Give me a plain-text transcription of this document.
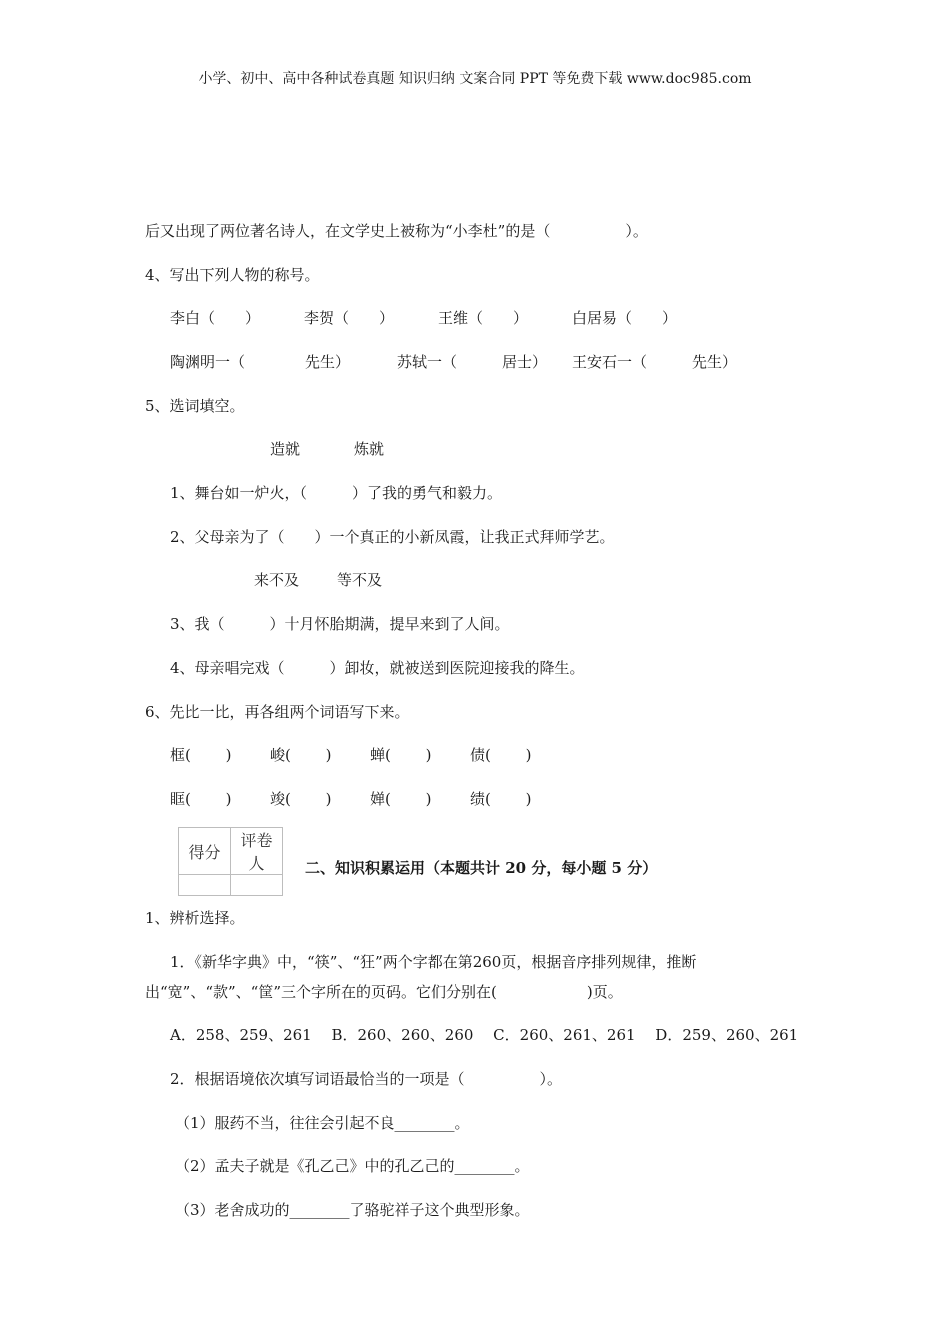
小学、初中、高中各种试卷真题 知识归纳 文案合同 PPT 等免费下载 www.doc985.com
后又出现了两位著名诗人，在文学史上被称为“小李杜”的是（　　　　　）。
4、写出下列人物的称号。
李白（　　）	李贺（　　）	王维（　　）	白居易（　　）
陶渊明一（　　　　先生）	苏轼一（　　　居士） 王安石一（　　　先生）
5、选词填空。
造就	炼就
1、舞台如一炉火，（　　　）了我的勇气和毅力。
2、父母亲为了（　　）一个真正的小新凤霞，让我正式拜师学艺。
来不及	等不及
3、我（　　　）十月怀胎期满，提早来到了人间。
4、母亲唱完戏（　　　）卸妆，就被送到医院迎接我的降生。
6、先比一比，再各组两个词语写下来。
框(　　 )	峻(　　 )	蝉(　　 )	债(　　 )
眶(　　 )	竣(　　 )	婵(　　 )	绩(　　 )
得分	评卷人
		二、知识积累运用（本题共计 20 分，每小题 5 分）
1、辨析选择。
1．《新华字典》中，“筷”、“狂”两个字都在第260页，根据音序排列规律，推断
出“宽”、“款”、“筐”三个字所在的页码。它们分别在(　　　　　　)页。
A．258、259、261　 B．260、260、260　 C．260、261、261　 D．259、260、261
2．根据语境依次填写词语最恰当的一项是（　　　　　）。
（1）服药不当，往往会引起不良________。
（2）孟夫子就是《孔乙己》中的孔乙己的________。
（3）老舍成功的________了骆驼祥子这个典型形象。
